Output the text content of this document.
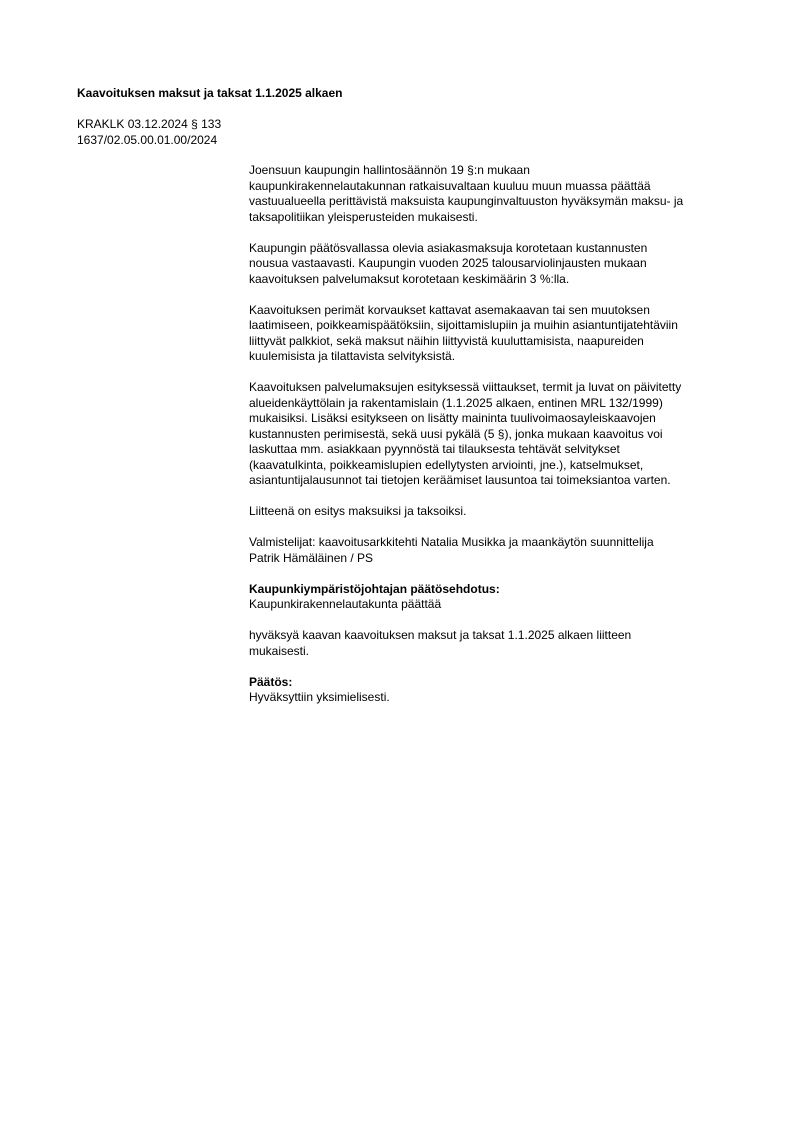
Kaavoituksen maksut ja taksat 1.1.2025 alkaen
KRAKLK 03.12.2024 § 133
1637/02.05.00.01.00/2024
Joensuun kaupungin hallintosäännön 19 §:n mukaan
kaupunkirakennelautakunnan ratkaisuvaltaan kuuluu muun muassa päättää
vastuualueella perittävistä maksuista kaupunginvaltuuston hyväksymän maksu- ja
taksapolitiikan yleisperusteiden mukaisesti.
Kaupungin päätösvallassa olevia asiakasmaksuja korotetaan kustannusten
nousua vastaavasti. Kaupungin vuoden 2025 talousarviolinjausten mukaan
kaavoituksen palvelumaksut korotetaan keskimäärin 3 %:lla.
Kaavoituksen perimät korvaukset kattavat asemakaavan tai sen muutoksen
laatimiseen, poikkeamispäätöksiin, sijoittamislupiin ja muihin asiantuntijatehtäviin
liittyvät palkkiot, sekä maksut näihin liittyvistä kuuluttamisista, naapureiden
kuulemisista ja tilattavista selvityksistä.
Kaavoituksen palvelumaksujen esityksessä viittaukset, termit ja luvat on päivitetty
alueidenkäyttölain ja rakentamislain (1.1.2025 alkaen, entinen MRL 132/1999)
mukaisiksi. Lisäksi esitykseen on lisätty maininta tuulivoimaosayleiskaavojen
kustannusten perimisestä, sekä uusi pykälä (5 §), jonka mukaan kaavoitus voi
laskuttaa mm. asiakkaan pyynnöstä tai tilauksesta tehtävät selvitykset
(kaavatulkinta, poikkeamislupien edellytysten arviointi, jne.), katselmukset,
asiantuntijalausunnot tai tietojen keräämiset lausuntoa tai toimeksiantoa varten.
Liitteenä on esitys maksuiksi ja taksoiksi.
Valmistelijat: kaavoitusarkkitehti Natalia Musikka ja maankäytön suunnittelija
Patrik Hämäläinen / PS
Kaupunkiympäristöjohtajan päätösehdotus:
Kaupunkirakennelautakunta päättää
hyväksyä kaavan kaavoituksen maksut ja taksat 1.1.2025 alkaen liitteen
mukaisesti.
Päätös:
Hyväksyttiin yksimielisesti.
